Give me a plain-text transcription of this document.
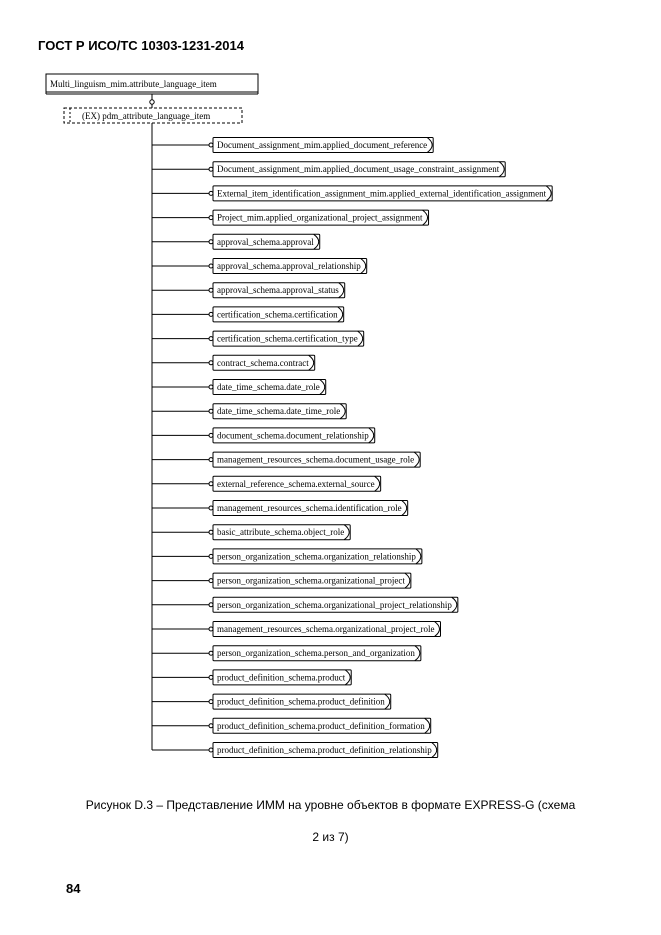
ГОСТ Р ИСО/ТС 10303-1231-2014
Multi_linguism_mim.attribute_language_item
(EX) pdm_attribute_language_item
Document_assignment_mim.applied_document_reference
Document_assignment_mim.applied_document_usage_constraint_assignment
External_item_identification_assignment_mim.applied_external_identification_assignment
Project_mim.applied_organizational_project_assignment
approval_schema.approval
approval_schema.approval_relationship
approval_schema.approval_status
certification_schema.certification
certification_schema.certification_type
contract_schema.contract
date_time_schema.date_role
date_time_schema.date_time_role
document_schema.document_relationship
management_resources_schema.document_usage_role
external_reference_schema.external_source
management_resources_schema.identification_role
basic_attribute_schema.object_role
person_organization_schema.organization_relationship
person_organization_schema.organizational_project
person_organization_schema.organizational_project_relationship
management_resources_schema.organizational_project_role
person_organization_schema.person_and_organization
product_definition_schema.product
product_definition_schema.product_definition
product_definition_schema.product_definition_formation
product_definition_schema.product_definition_relationship
Рисунок D.3 – Представление ИММ на уровне объектов в формате EXPRESS-G (схема
2 из 7)
84
